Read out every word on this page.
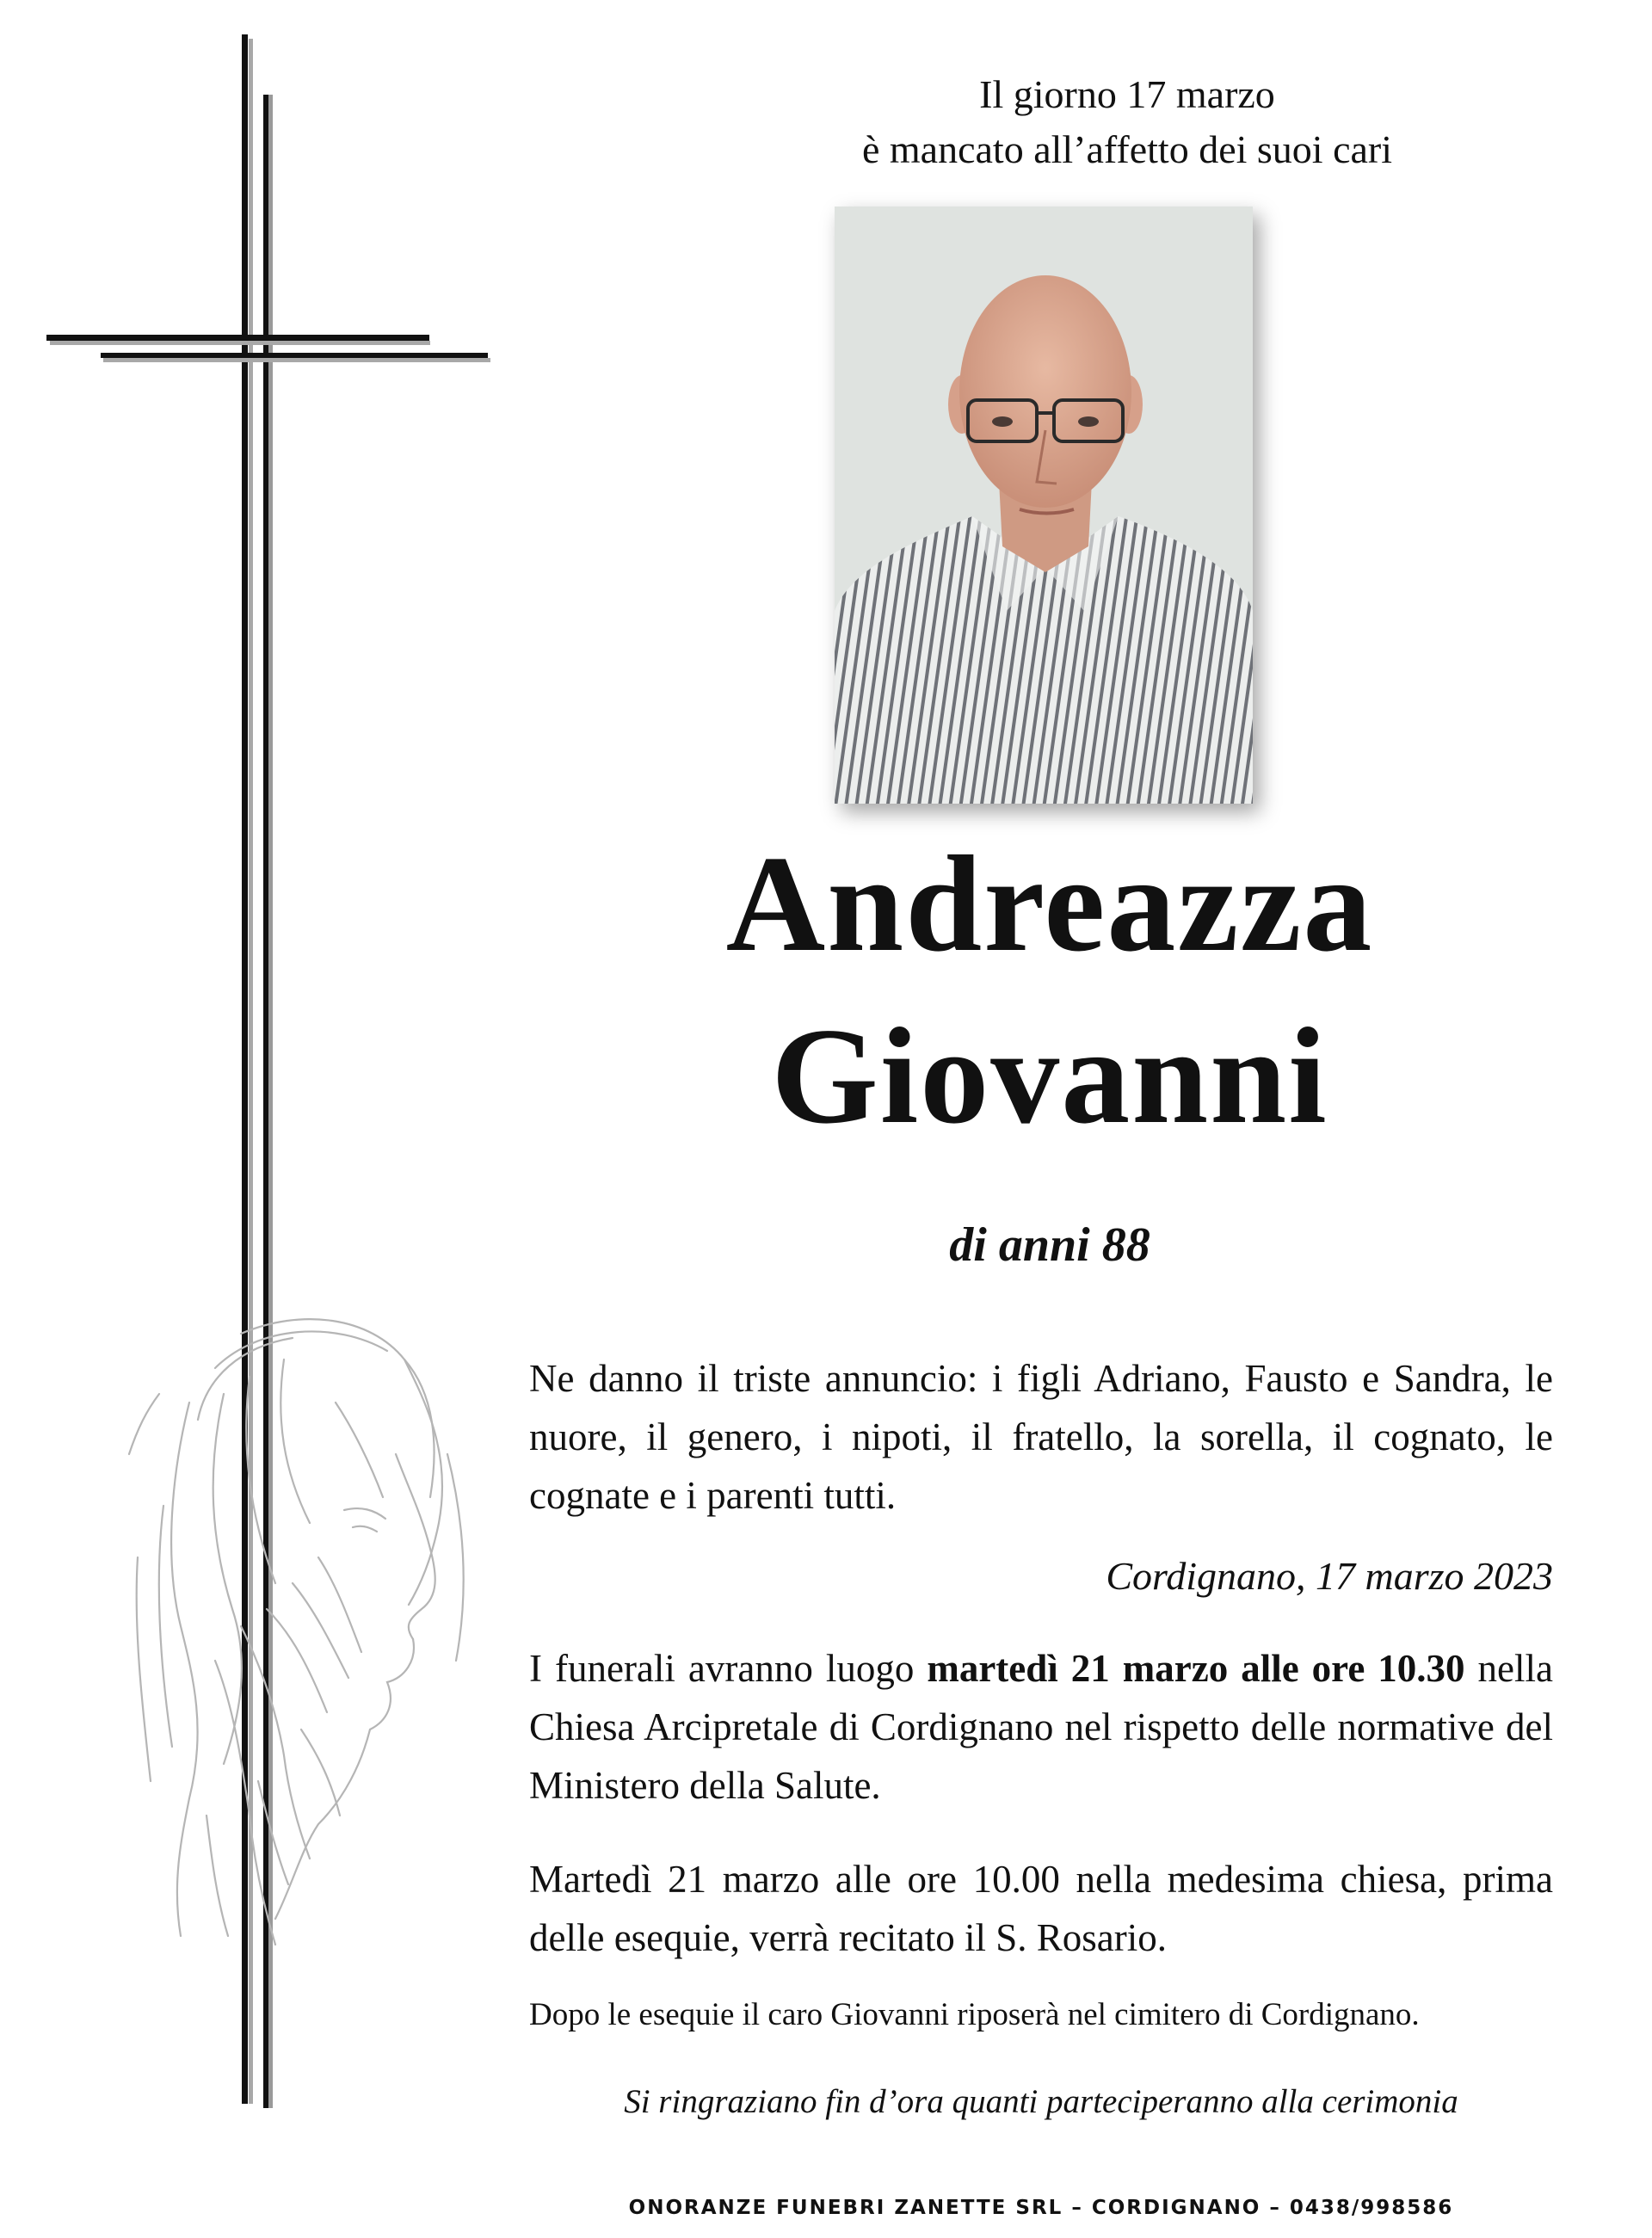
Il giorno 17 marzo
è mancato all’affetto dei suoi cari
Andreazza
Giovanni
di anni 88
Ne danno il triste annuncio: i figli Adriano, Fausto e Sandra, le nuore, il genero, i nipoti, il fratello, la sorella, il cognato, le cognate e i parenti tutti.
Cordignano, 17 marzo 2023
I funerali avranno luogo martedì 21 marzo alle ore 10.30 nella Chiesa Arcipretale di Cordignano nel rispetto delle normative del Ministero della Salute.
Martedì 21 marzo alle ore 10.00 nella medesima chiesa, prima delle esequie, verrà recitato il S. Rosario.
Dopo le esequie il caro Giovanni riposerà nel cimitero di Cordignano.
Si ringraziano fin d’ora quanti parteciperanno alla cerimonia
ONORANZE FUNEBRI ZANETTE SRL – CORDIGNANO – 0438/998586
